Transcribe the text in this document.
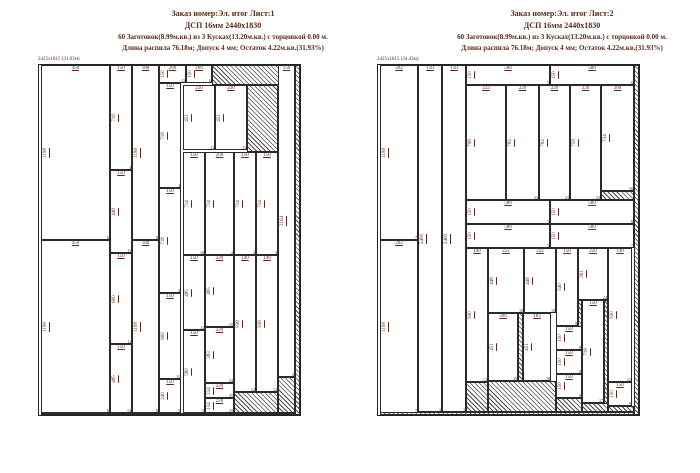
Заказ номер:Эл. итог Лист:1
ДСП 16мм 2440х1830
60 Заготовок(8.99м.кв.) из 3 Кусках(13.20м.кв.) с торцовкой 0.00 м.
Длина распила 76.18м; Допуск 4 мм; Остаток 4.22м.кв.(31.93%)
2425х1815 (31.03м)
450
1198
6
450
1198
6
150
718
4
150
448
11
150
600
11
150
485
14
188
1198
8
188
1198
8
200
150
13
200
150
6
150
718
4
150
718
4
150
600
11
150
240
5
220
451
11
220
451
11
150
714
16
200
714
2
150
714
3
150
734
3
220
485
15
220
383
24
220
134
25
220
134
25
150
485
11
150
580
5
140
938
12
140
938
12
150
2164
2
Заказ номер:Эл. итог Лист:2
ДСП 16мм 2440х1830
60 Заготовок(8.99м.кв.) из 3 Кусках(13.20м.кв.) с торцовкой 0.00 м.
Длина распила 76.18м; Допуск 4 мм; Остаток 4.22м.кв.(31.93%)
2425х1815 (34.43м)
282
1198
7
282
1198
7
150
2400
1
150
2400
1
580
150
5
580
150
6
222
798
220
782
23
220
782
23
220
758
23
200
734
16
580
150
5
580
150
6
580
150
5
580
150
7
140
930
12
222
448
10
222
448
10
150
540
9
220
361
24
140
930
12
200
451
19
183
451
18
150
150
8
150
150
8
150
150
8
150
718
17
150
150
9
